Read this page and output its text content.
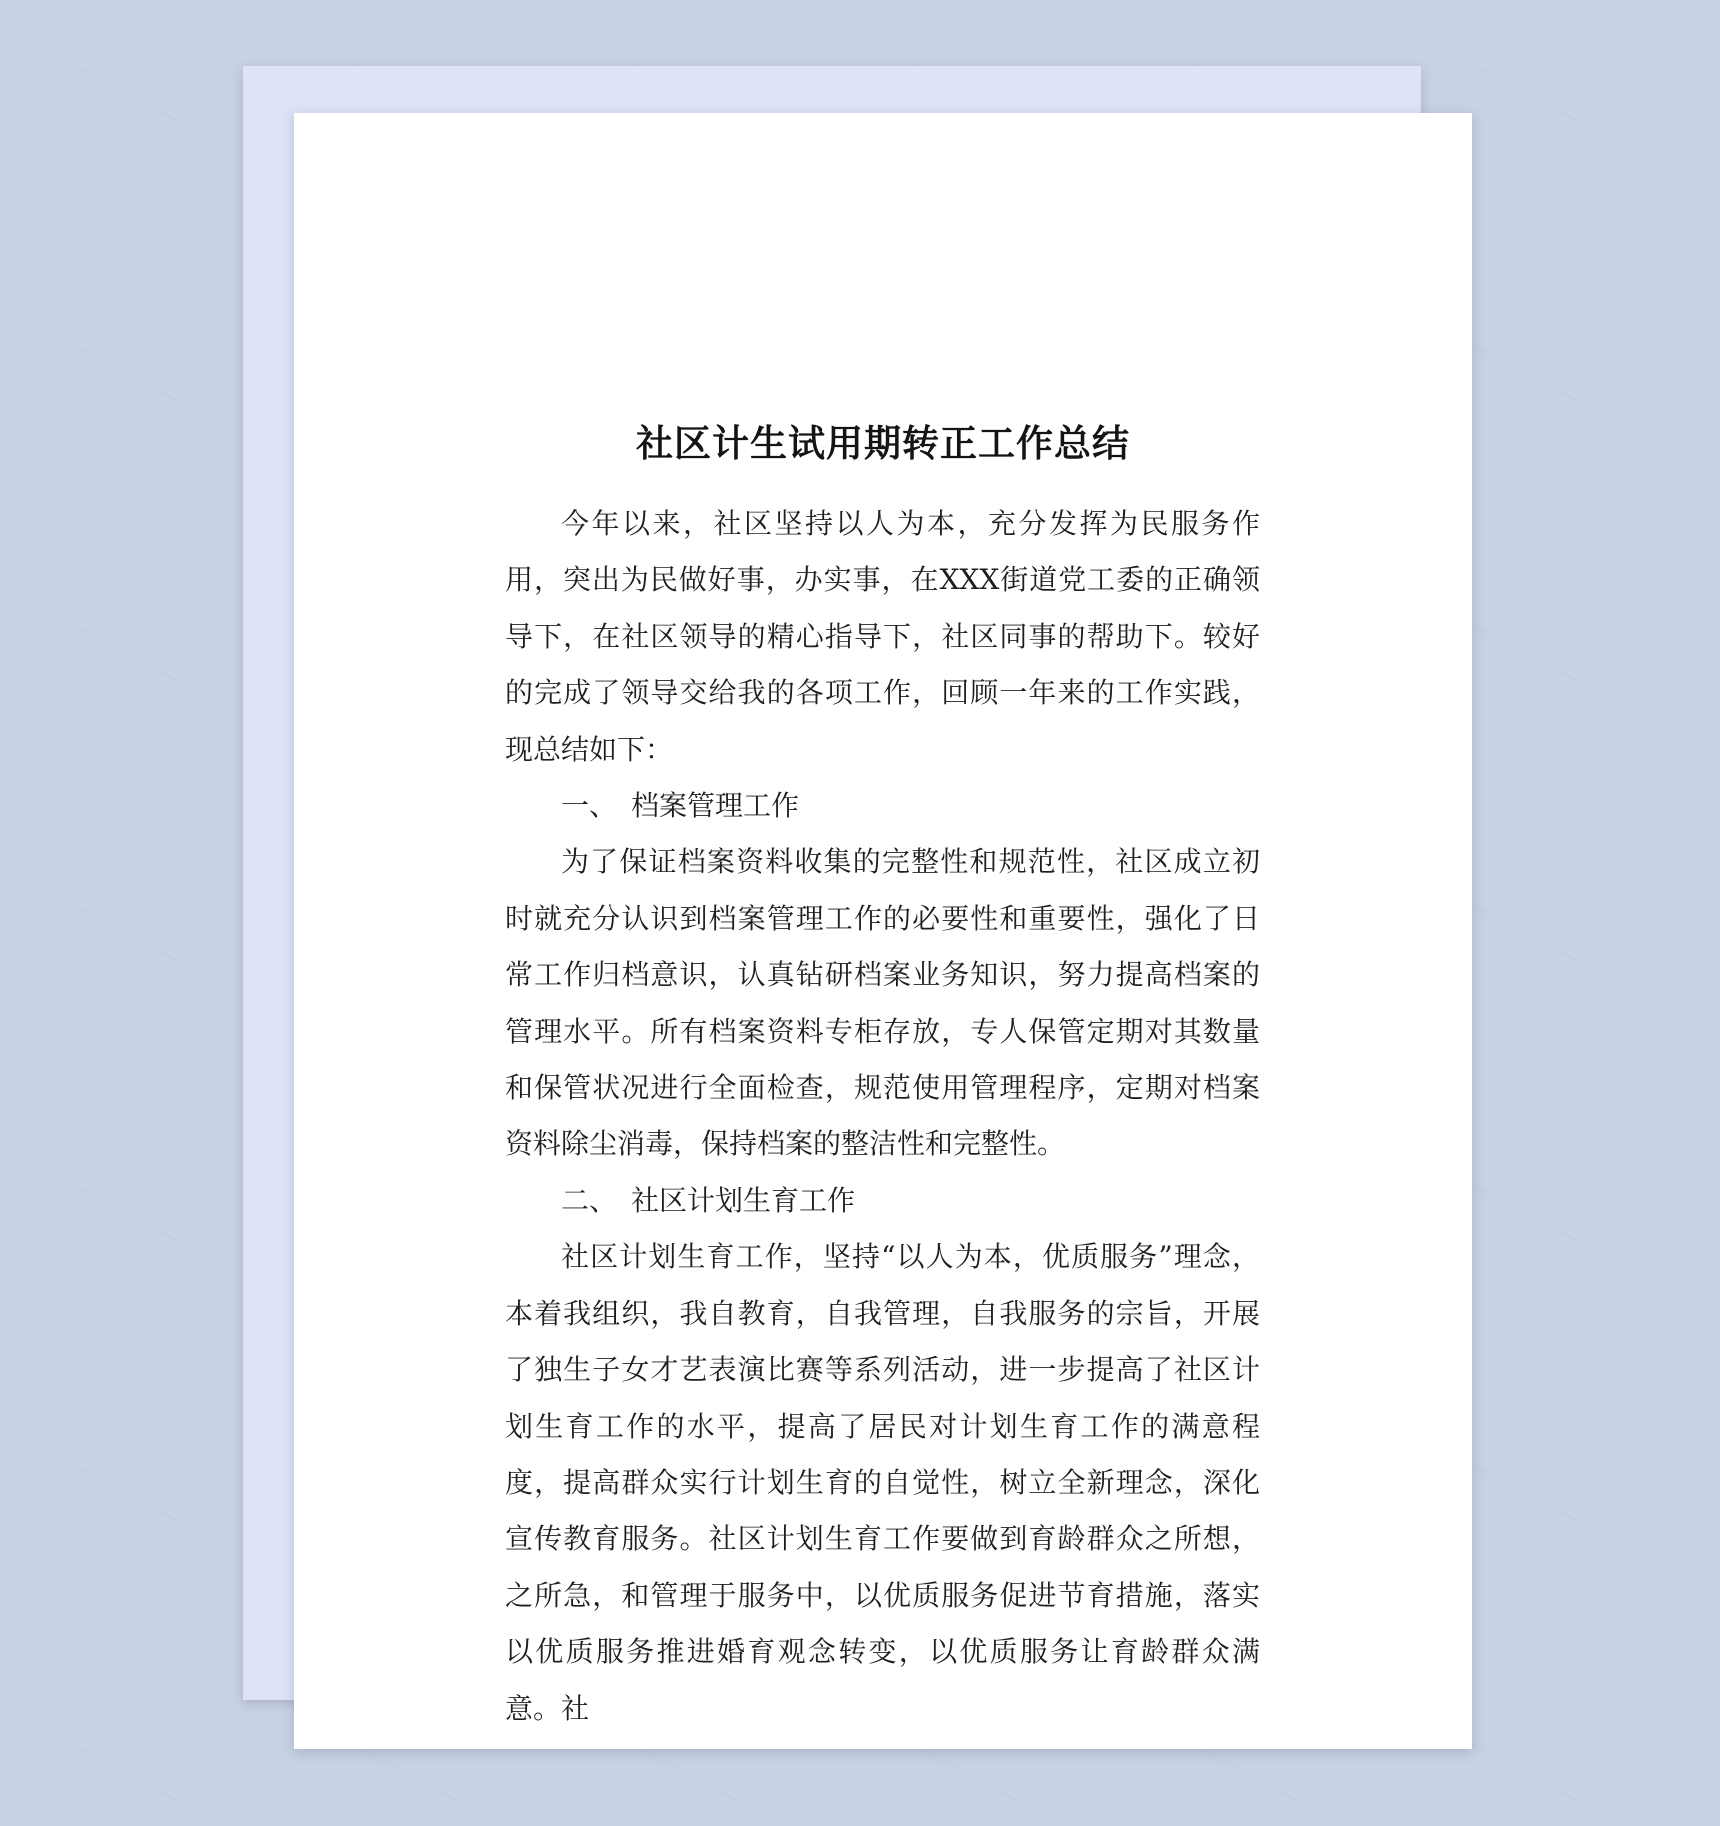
社区计生试用期转正工作总结

今年以来，社区坚持以人为本，充分发挥为民服务作用，突出为民做好事，办实事，在XXX街道党工委的正确领导下，在社区领导的精心指导下，社区同事的帮助下。较好的完成了领导交给我的各项工作，回顾一年来的工作实践，现总结如下：

一、　档案管理工作

为了保证档案资料收集的完整性和规范性，社区成立初时就充分认识到档案管理工作的必要性和重要性，强化了日常工作归档意识，认真钻研档案业务知识，努力提高档案的管理水平。所有档案资料专柜存放，专人保管定期对其数量和保管状况进行全面检查，规范使用管理程序，定期对档案资料除尘消毒，保持档案的整洁性和完整性。

二、　社区计划生育工作

社区计划生育工作，坚持“以人为本，优质服务”理念，本着我组织，我自教育，自我管理，自我服务的宗旨，开展了独生子女才艺表演比赛等系列活动，进一步提高了社区计划生育工作的水平，提高了居民对计划生育工作的满意程度，提高群众实行计划生育的自觉性，树立全新理念，深化宣传教育服务。社区计划生育工作要做到育龄群众之所想，之所急，和管理于服务中，以优质服务促进节育措施，落实以优质服务推进婚育观念转变，以优质服务让育龄群众满意。社
